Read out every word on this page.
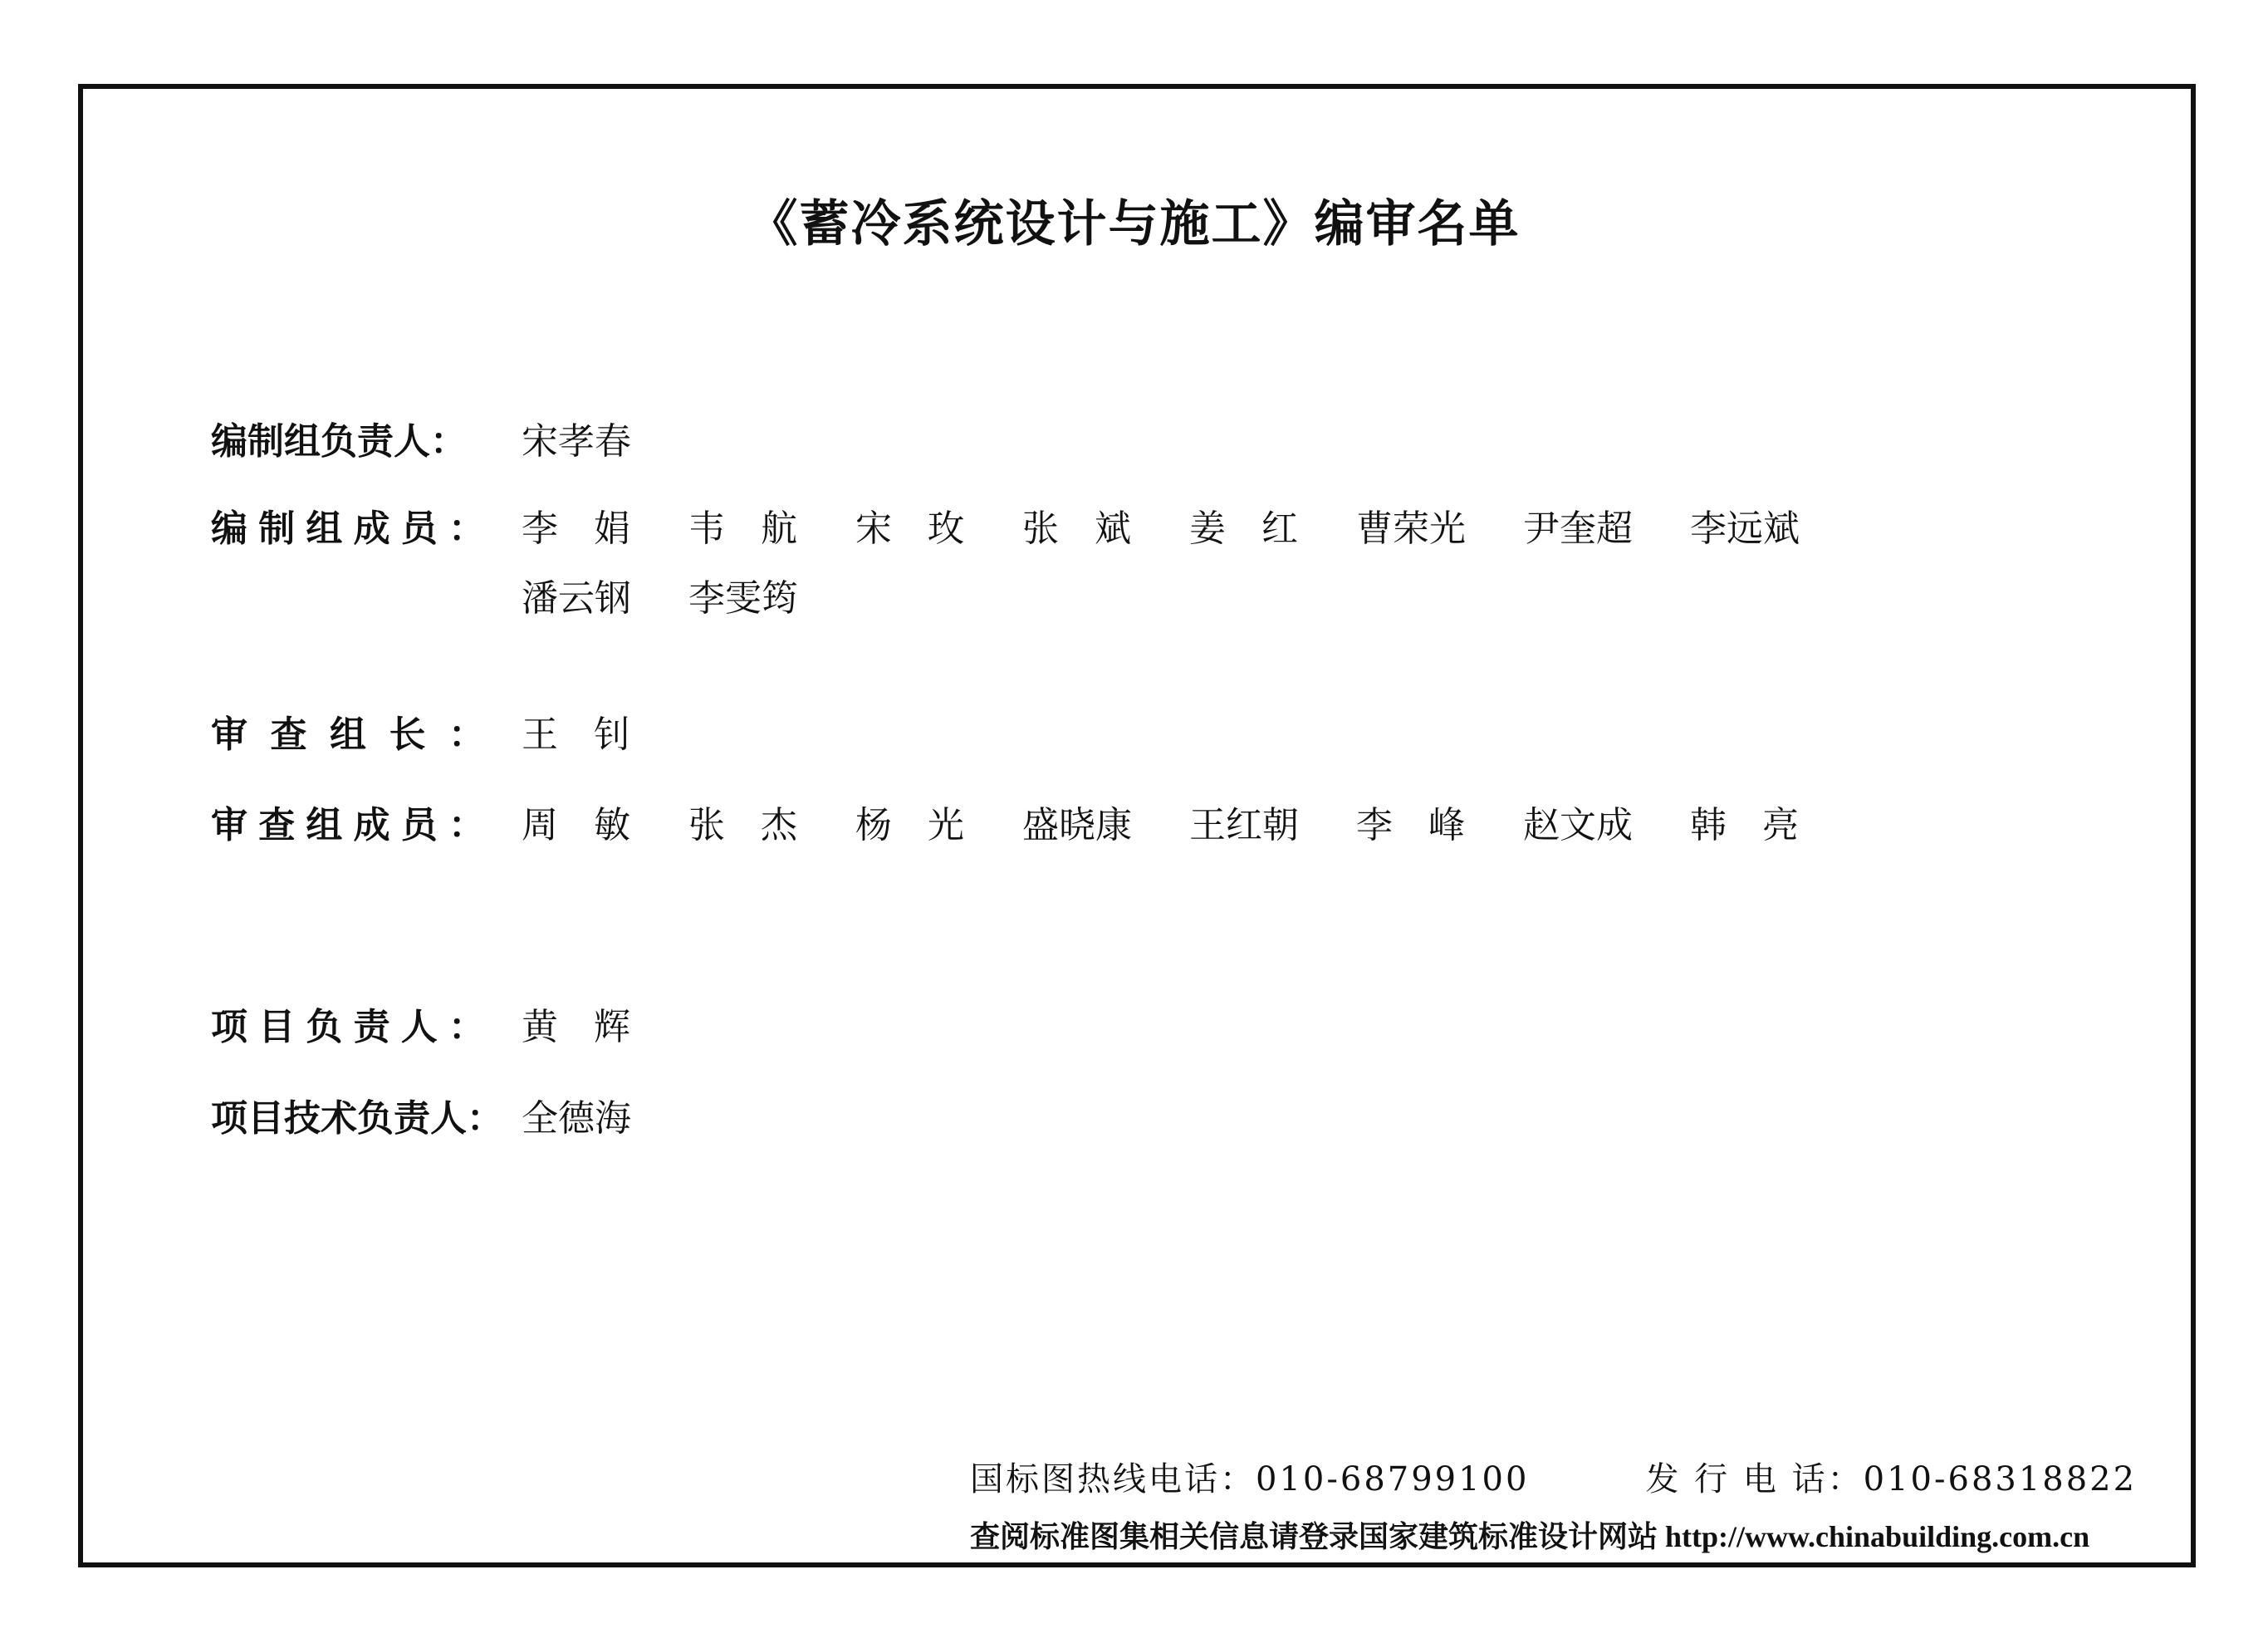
《蓄冷系统设计与施工》编审名单
编制组负责人：	宋孝春
编 制 组 成 员 ： 李 娟 韦 航 宋 玫 张 斌 姜 红 曹荣光	尹奎超	李远斌
潘云钢	李雯筠
审 查 组 长 ： 王 钊
审 查 组 成 员 ： 周 敏 张 杰 杨 光 盛晓康	王红朝	李 峰 赵文成	韩 亮
项 目 负 责 人 ： 黄 辉
项目技术负责人： 全德海
国标图热线电话：010-68799100	发 行 电 话：010-68318822
查阅标准图集相关信息请登录国家建筑标准设计网站 http://www.chinabuilding.com.cn
